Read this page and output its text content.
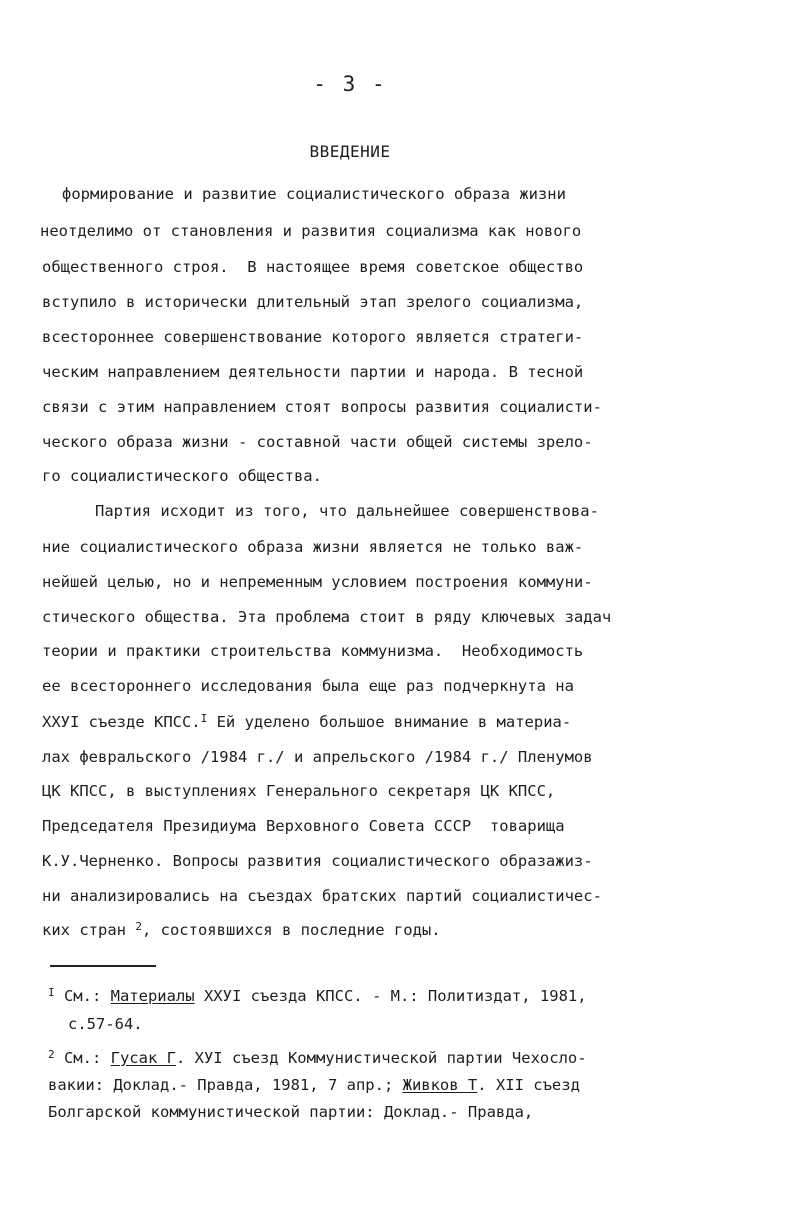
- 3 -
ВВЕДЕНИЕ
формирование и развитие социалистического образа жизни
неотделимо от становления и развития социализма как нового
общественного строя.  В настоящее время советское общество
вступило в исторически длительный этап зрелого социализма,
всестороннее совершенствование которого является стратеги-
ческим направлением деятельности партии и народа. В тесной
связи с этим направлением стоят вопросы развития социалисти-
ческого образа жизни - составной части общей системы зрело-
го социалистического общества.
Партия исходит из того, что дальнейшее совершенствова-
ние социалистического образа жизни является не только важ-
нейшей целью, но и непременным условием построения коммуни-
стического общества. Эта проблема стоит в ряду ключевых задач
теории и практики строительства коммунизма.  Необходимость
ее всестороннего исследования была еще раз подчеркнута на
ХХУI съезде КПСС.$^I$ Ей уделено большое внимание в материа-
лах февральского /1984 г./ и апрельского /1984 г./ Пленумов
ЦК КПСС, в выступлениях Генерального секретаря ЦК КПСС,
Председателя Президиума Верховного Совета СССР  товарища
К.У.Черненко. Вопросы развития социалистического образажиз-
ни анализировались на съездах братских партий социалистичес-
ких стран $^2$, состоявшихся в последние годы.
$^I$ См.: Материалы ХХУI съезда КПСС. - М.: Политиздат, 1981,
с.57-64.
$^2$ См.: Гусак Г. ХУI съезд Коммунистической партии Чехосло-
вакии: Доклад.- Правда, 1981, 7 апр.; Живков Т. ХII съезд
Болгарской коммунистической партии: Доклад.- Правда,
